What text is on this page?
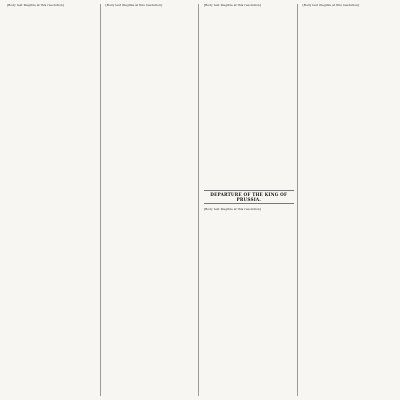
[Body text illegible at this resolution]	[Body text illegible at this resolution]	[Body text illegible at this resolution]

DEPARTURE OF THE KING OF PRUSSIA.

[Body text illegible at this resolution]

[Body text illegible at this resolution]
